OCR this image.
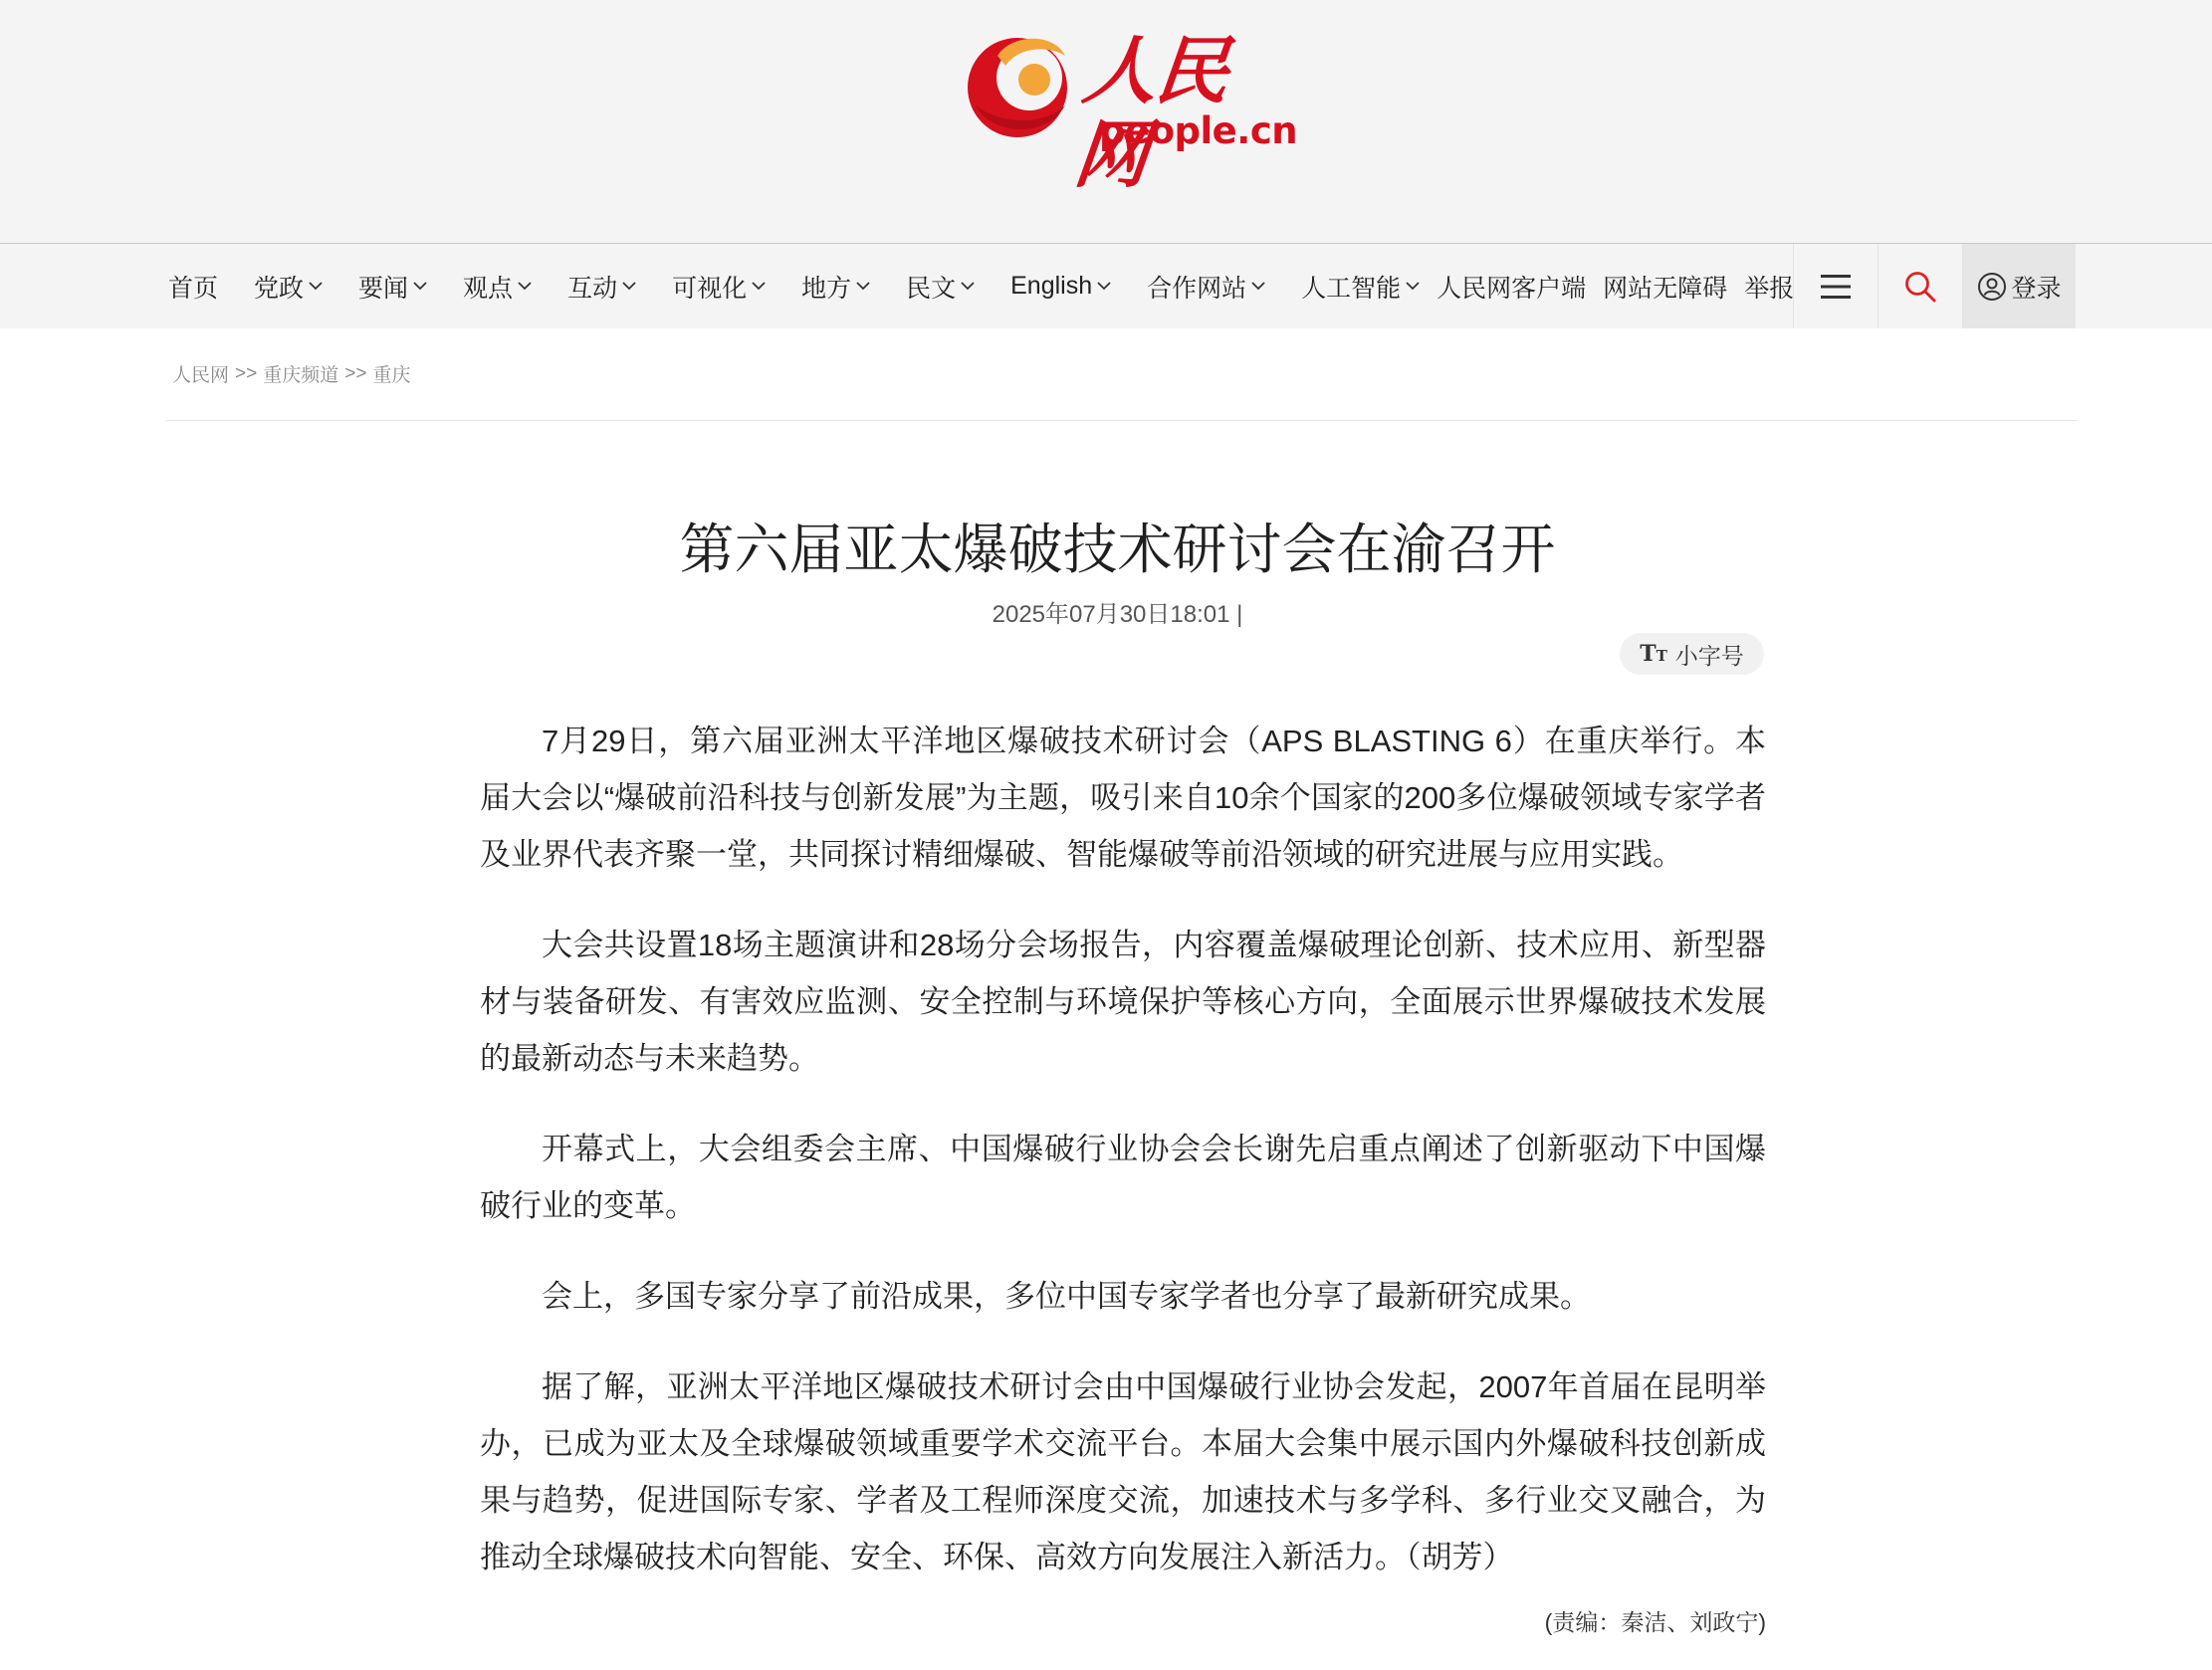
人民网
people.cn
首页 党政 要闻 观点 互动 可视化 地方 民文 English 合作网站 人工智能 人民网客户端 网站无障碍 举报	登录
人民网 >> 重庆频道 >> 重庆
第六届亚太爆破技术研讨会在渝召开
2025年07月30日18:01 |
TT 小字号

7月29日，第六届亚洲太平洋地区爆破技术研讨会（APS BLASTING 6）在重庆举行。本届大会以“爆破前沿科技与创新发展”为主题，吸引来自10余个国家的200多位爆破领域专家学者及业界代表齐聚一堂，共同探讨精细爆破、智能爆破等前沿领域的研究进展与应用实践。

大会共设置18场主题演讲和28场分会场报告，内容覆盖爆破理论创新、技术应用、新型器材与装备研发、有害效应监测、安全控制与环境保护等核心方向，全面展示世界爆破技术发展的最新动态与未来趋势。

开幕式上，大会组委会主席、中国爆破行业协会会长谢先启重点阐述了创新驱动下中国爆破行业的变革。

会上，多国专家分享了前沿成果，多位中国专家学者也分享了最新研究成果。

据了解，亚洲太平洋地区爆破技术研讨会由中国爆破行业协会发起，2007年首届在昆明举办，已成为亚太及全球爆破领域重要学术交流平台。本届大会集中展示国内外爆破科技创新成果与趋势，促进国际专家、学者及工程师深度交流，加速技术与多学科、多行业交叉融合，为推动全球爆破技术向智能、安全、环保、高效方向发展注入新活力。（胡芳）

(责编：秦洁、刘政宁)
